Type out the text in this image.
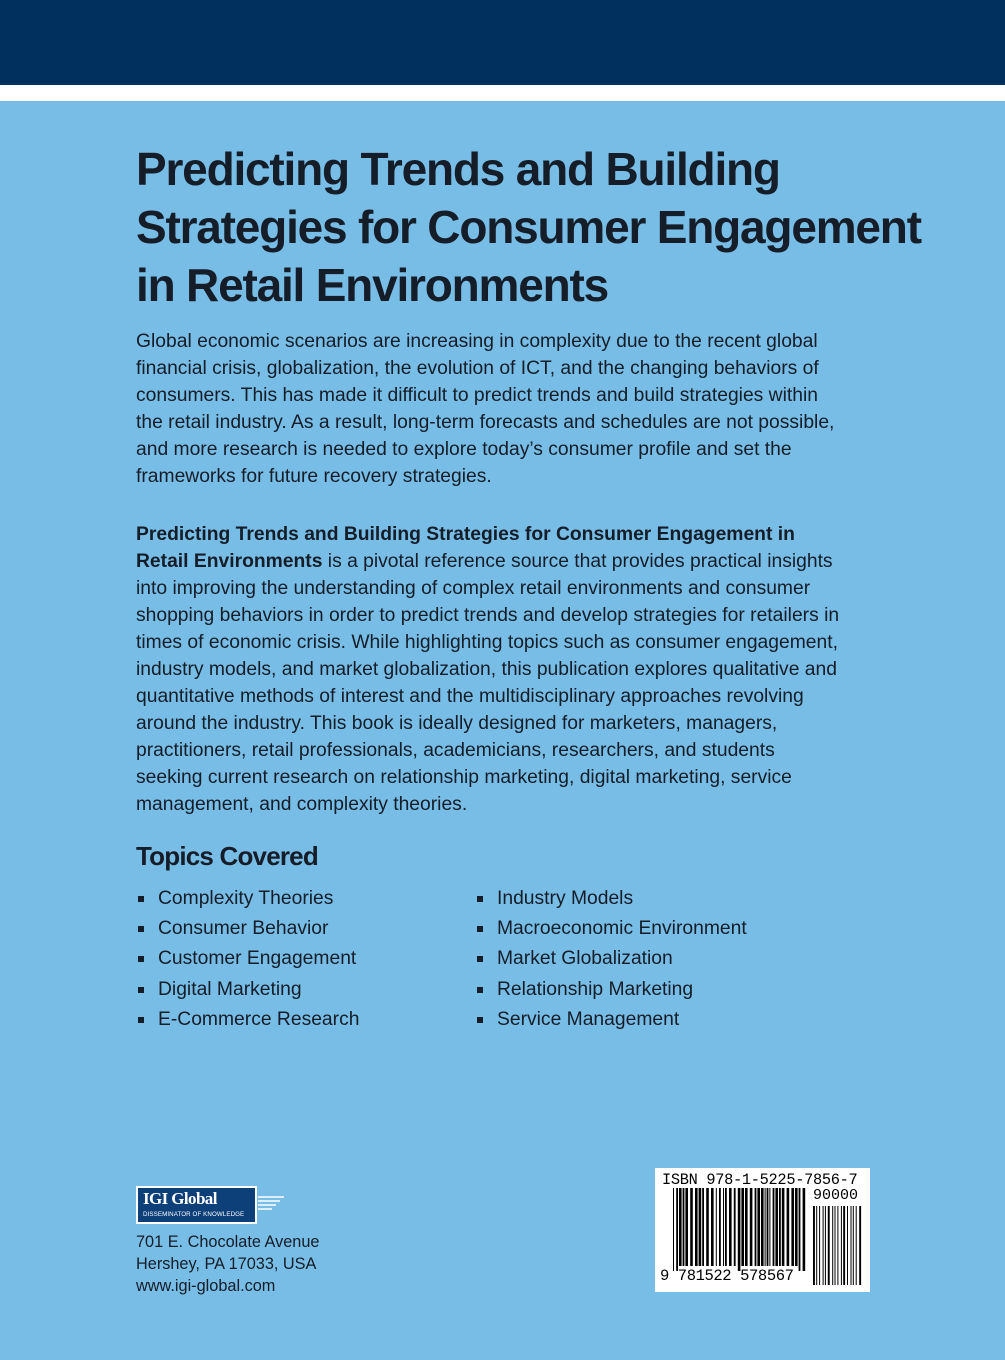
Predicting Trends and Building
Strategies for Consumer Engagement
in Retail Environments

Global economic scenarios are increasing in complexity due to the recent global
financial crisis, globalization, the evolution of ICT, and the changing behaviors of
consumers. This has made it difficult to predict trends and build strategies within
the retail industry. As a result, long-term forecasts and schedules are not possible,
and more research is needed to explore today’s consumer profile and set the
frameworks for future recovery strategies.

Predicting Trends and Building Strategies for Consumer Engagement in
Retail Environments is a pivotal reference source that provides practical insights
into improving the understanding of complex retail environments and consumer
shopping behaviors in order to predict trends and develop strategies for retailers in
times of economic crisis. While highlighting topics such as consumer engagement,
industry models, and market globalization, this publication explores qualitative and
quantitative methods of interest and the multidisciplinary approaches revolving
around the industry. This book is ideally designed for marketers, managers,
practitioners, retail professionals, academicians, researchers, and students
seeking current research on relationship marketing, digital marketing, service
management, and complexity theories.

Topics Covered
Complexity Theories
Consumer Behavior
Customer Engagement
Digital Marketing
E-Commerce Research
Industry Models
Macroeconomic Environment
Market Globalization
Relationship Marketing
Service Management
IGI Global
DISSEMINATOR OF KNOWLEDGE

701 E. Chocolate Avenue
Hershey, PA 17033, USA
www.igi-global.com

ISBN 978-1-5225-7856-7
90000
9 781522 578567
